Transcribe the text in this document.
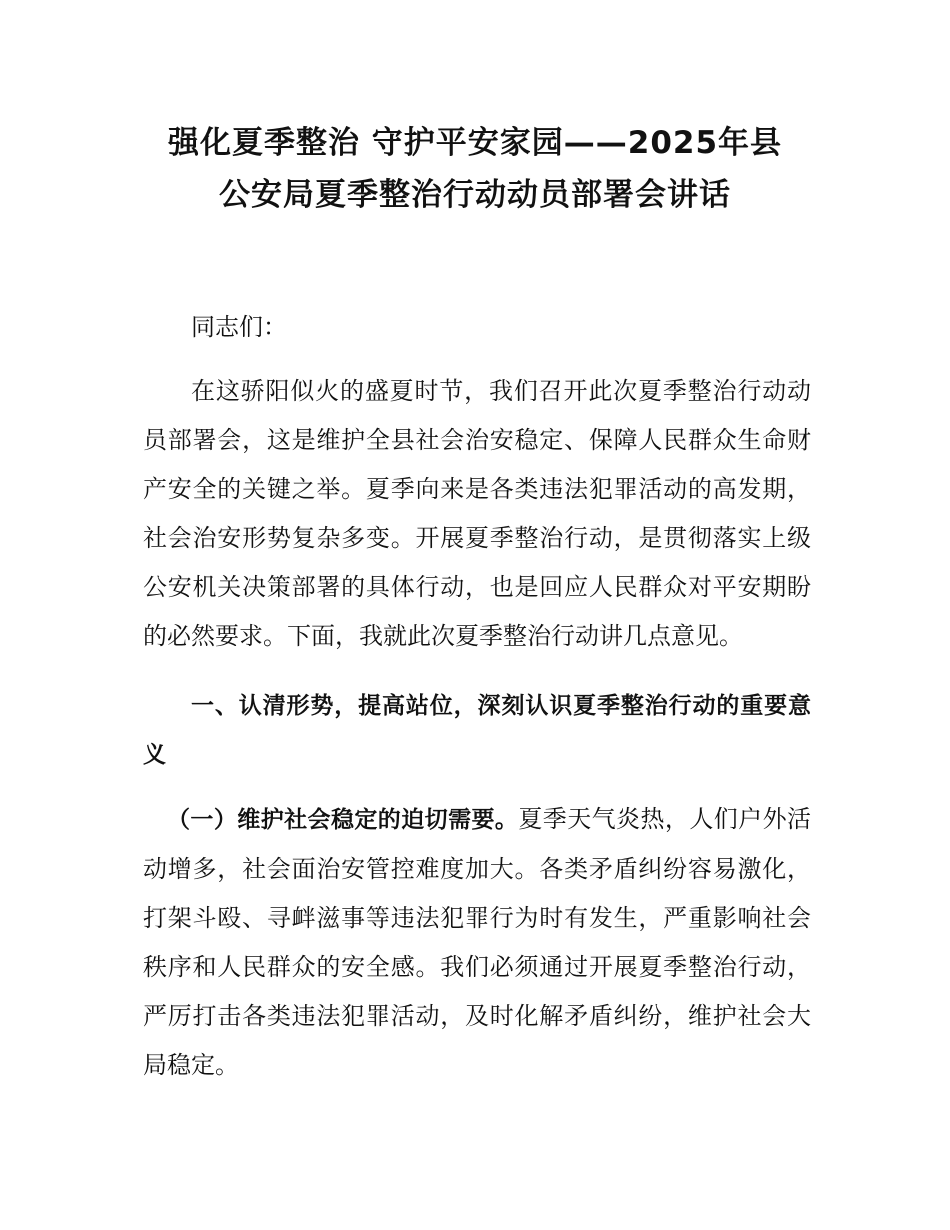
强化夏季整治 守护平安家园——2025年县
公安局夏季整治行动动员部署会讲话

同志们：

在这骄阳似火的盛夏时节，我们召开此次夏季整治行动动员部署会，这是维护全县社会治安稳定、保障人民群众生命财产安全的关键之举。夏季向来是各类违法犯罪活动的高发期，社会治安形势复杂多变。开展夏季整治行动，是贯彻落实上级公安机关决策部署的具体行动，也是回应人民群众对平安期盼的必然要求。下面，我就此次夏季整治行动讲几点意见。

一、认清形势，提高站位，深刻认识夏季整治行动的重要意义

（一）维护社会稳定的迫切需要。夏季天气炎热，人们户外活动增多，社会面治安管控难度加大。各类矛盾纠纷容易激化，打架斗殴、寻衅滋事等违法犯罪行为时有发生，严重影响社会秩序和人民群众的安全感。我们必须通过开展夏季整治行动，严厉打击各类违法犯罪活动，及时化解矛盾纠纷，维护社会大局稳定。
